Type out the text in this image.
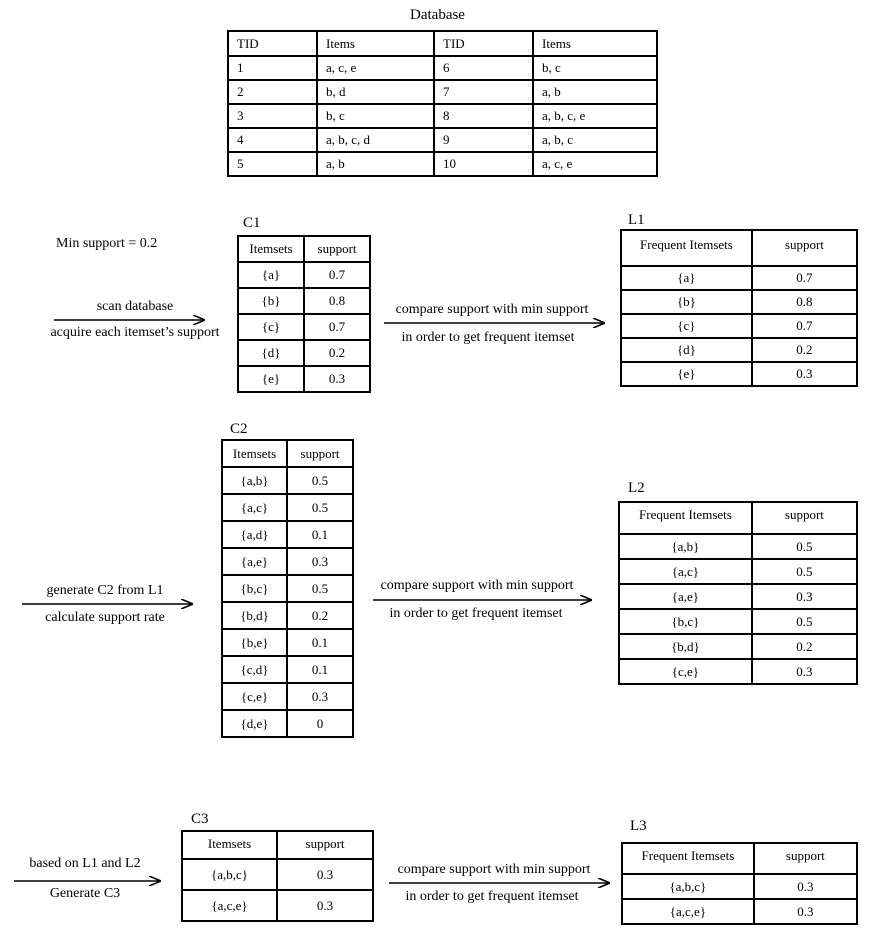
Database
TID	Items	TID	Items
1	a, c, e	6	b, c
2	b, d	7	a, b
3	b, c	8	a, b, c, e
4	a, b, c, d	9	a, b, c
5	a, b	10	a, c, e
Min support = 0.2
scan database
acquire each itemset’s support
compare support with min support
in order to get frequent itemset
C1
Itemsets	support
{a}	0.7
{b}	0.8
{c}	0.7
{d}	0.2
{e}	0.3
L1
Frequent Itemsets	support
{a}	0.7
{b}	0.8
{c}	0.7
{d}	0.2
{e}	0.3
C2
Itemsets	support
{a,b}	0.5
{a,c}	0.5
{a,d}	0.1
{a,e}	0.3
{b,c}	0.5
{b,d}	0.2
{b,e}	0.1
{c,d}	0.1
{c,e}	0.3
{d,e}	0
generate C2 from L1
calculate support rate
compare support with min support
in order to get frequent itemset
L2
Frequent Itemsets	support
{a,b}	0.5
{a,c}	0.5
{a,e}	0.3
{b,c}	0.5
{b,d}	0.2
{c,e}	0.3
based on L1 and L2
Generate C3
compare support with min support
in order to get frequent itemset
C3
Itemsets	support
{a,b,c}	0.3
{a,c,e}	0.3
L3
Frequent Itemsets	support
{a,b,c}	0.3
{a,c,e}	0.3
